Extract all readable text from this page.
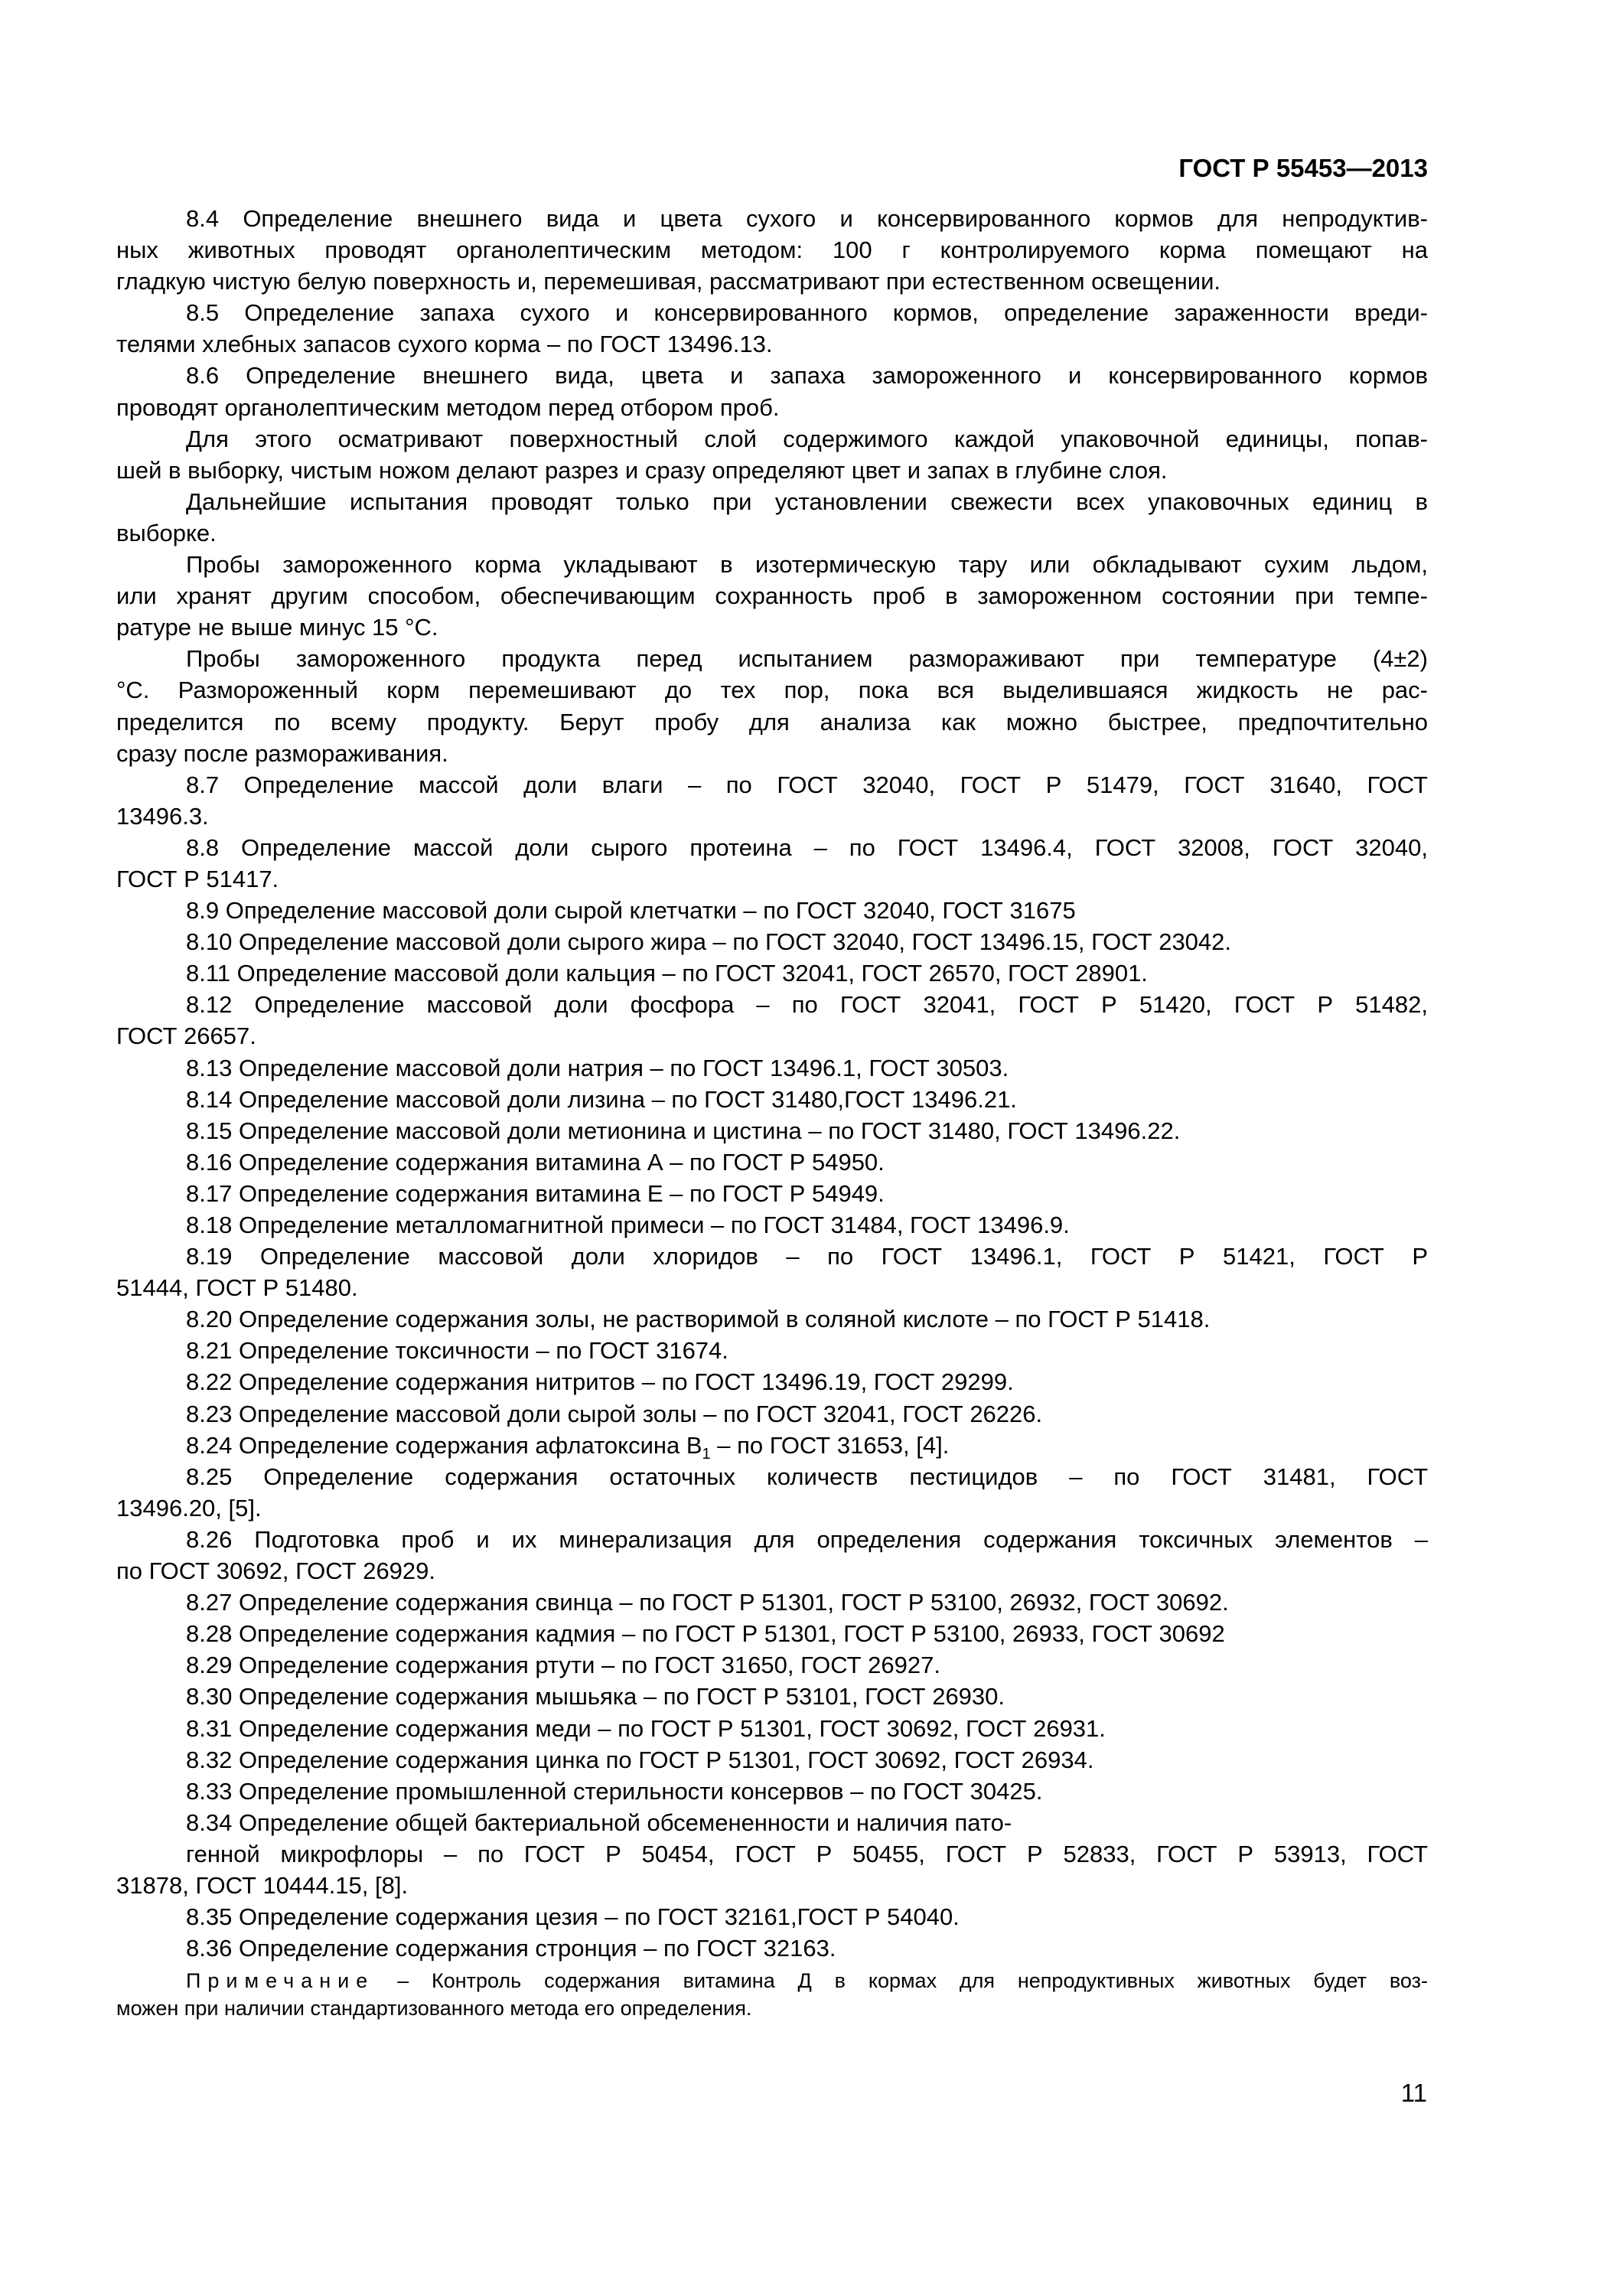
ГОСТ Р 55453—2013
8.4 Определение внешнего вида и цвета сухого и консервированного кормов для непродуктив-
ных животных проводят органолептическим методом: 100 г контролируемого корма помещают на
гладкую чистую белую поверхность и, перемешивая, рассматривают при естественном освещении.
8.5 Определение запаха сухого и консервированного кормов, определение зараженности вреди-
телями хлебных запасов сухого корма – по ГОСТ 13496.13.
8.6 Определение внешнего вида, цвета и запаха замороженного и консервированного кормов
проводят органолептическим методом перед отбором проб.
Для этого осматривают поверхностный слой содержимого каждой упаковочной единицы, попав-
шей в выборку, чистым ножом делают разрез и сразу определяют цвет и запах в глубине слоя.
Дальнейшие испытания проводят только при установлении свежести всех упаковочных единиц в
выборке.
Пробы замороженного корма укладывают в изотермическую тару или обкладывают сухим льдом,
или хранят другим способом, обеспечивающим сохранность проб в замороженном состоянии при темпе-
ратуре не выше минус 15 °С.
Пробы замороженного продукта перед испытанием размораживают при температуре (4±2)
°С. Размороженный корм перемешивают до тех пор, пока вся выделившаяся жидкость не рас-
пределится по всему продукту. Берут пробу для анализа как можно быстрее, предпочтительно
сразу после размораживания.
8.7 Определение массой доли влаги – по ГОСТ 32040, ГОСТ Р 51479, ГОСТ 31640, ГОСТ
13496.3.
8.8 Определение массой доли сырого протеина – по ГОСТ 13496.4, ГОСТ 32008, ГОСТ 32040,
ГОСТ Р 51417.
8.9 Определение массовой доли сырой клетчатки – по ГОСТ 32040, ГОСТ 31675
8.10 Определение массовой доли сырого жира – по ГОСТ 32040, ГОСТ 13496.15, ГОСТ 23042.
8.11 Определение массовой доли кальция – по ГОСТ 32041, ГОСТ 26570, ГОСТ 28901.
8.12 Определение массовой доли фосфора – по ГОСТ 32041, ГОСТ Р 51420, ГОСТ Р 51482,
ГОСТ 26657.
8.13 Определение массовой доли натрия – по ГОСТ 13496.1, ГОСТ 30503.
8.14 Определение массовой доли лизина – по ГОСТ 31480,ГОСТ 13496.21.
8.15 Определение массовой доли метионина и цистина – по ГОСТ 31480, ГОСТ 13496.22.
8.16 Определение содержания витамина А – по ГОСТ Р 54950.
8.17 Определение содержания витамина Е – по ГОСТ Р 54949.
8.18 Определение металломагнитной примеси – по ГОСТ 31484, ГОСТ 13496.9.
8.19 Определение массовой доли хлоридов – по ГОСТ 13496.1, ГОСТ Р 51421, ГОСТ Р
51444, ГОСТ Р 51480.
8.20 Определение содержания золы, не растворимой в соляной кислоте – по ГОСТ Р 51418.
8.21 Определение токсичности – по ГОСТ 31674.
8.22 Определение содержания нитритов – по ГОСТ 13496.19, ГОСТ 29299.
8.23 Определение массовой доли сырой золы – по ГОСТ 32041, ГОСТ 26226.
8.24 Определение содержания афлатоксина $В_1$ – по ГОСТ 31653, [4].
8.25 Определение содержания остаточных количеств пестицидов – по ГОСТ 31481, ГОСТ
13496.20, [5].
8.26 Подготовка проб и их минерализация для определения содержания токсичных элементов –
по ГОСТ 30692, ГОСТ 26929.
8.27 Определение содержания свинца – по ГОСТ Р 51301, ГОСТ Р 53100, 26932, ГОСТ 30692.
8.28 Определение содержания кадмия – по ГОСТ Р 51301, ГОСТ Р 53100, 26933, ГОСТ 30692
8.29 Определение содержания ртути – по ГОСТ 31650, ГОСТ 26927.
8.30 Определение содержания мышьяка – по ГОСТ Р 53101, ГОСТ 26930.
8.31 Определение содержания меди – по ГОСТ Р 51301, ГОСТ 30692, ГОСТ 26931.
8.32 Определение содержания цинка по ГОСТ Р 51301, ГОСТ 30692, ГОСТ 26934.
8.33 Определение промышленной стерильности консервов – по ГОСТ 30425.
8.34 Определение общей бактериальной обсемененности и наличия пато-
генной микрофлоры – по ГОСТ Р 50454, ГОСТ Р 50455, ГОСТ Р 52833, ГОСТ Р 53913, ГОСТ
31878, ГОСТ 10444.15, [8].
8.35 Определение содержания цезия – по ГОСТ 32161,ГОСТ Р 54040.
8.36 Определение содержания стронция – по ГОСТ 32163.
Примечание – Контроль содержания витамина Д в кормах для непродуктивных животных будет воз-
можен при наличии стандартизованного метода его определения.
11
